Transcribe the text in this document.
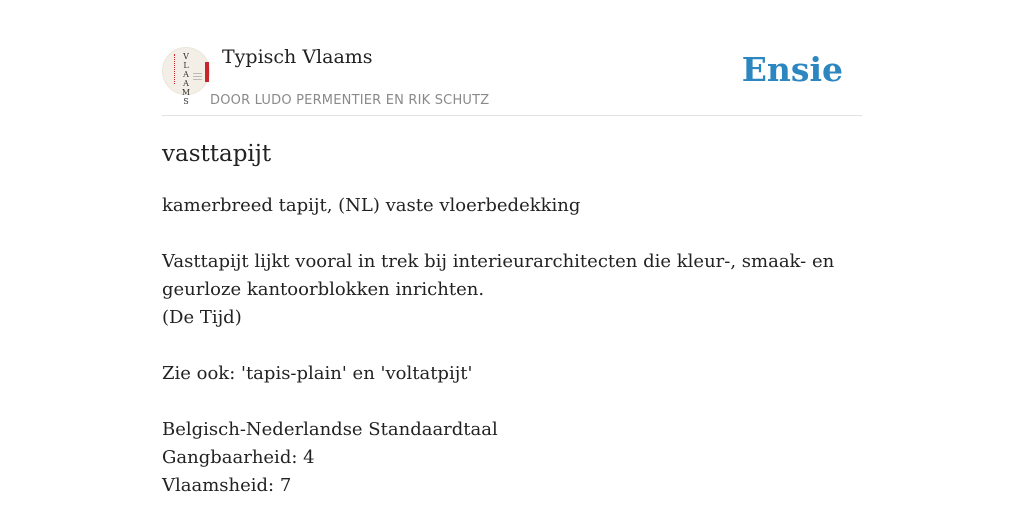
V
L
A
A
M
S
Typisch Vlaams
DOOR LUDO PERMENTIER EN RIK SCHUTZ
Ensie
vasttapijt
kamerbreed tapijt, (NL) vaste vloerbedekking
Vasttapijt lijkt vooral in trek bij interieurarchitecten die kleur-, smaak- en
geurloze kantoorblokken inrichten.
(De Tijd)
Zie ook: 'tapis-plain' en 'voltatpijt'
Belgisch-Nederlandse Standaardtaal
Gangbaarheid: 4
Vlaamsheid: 7
